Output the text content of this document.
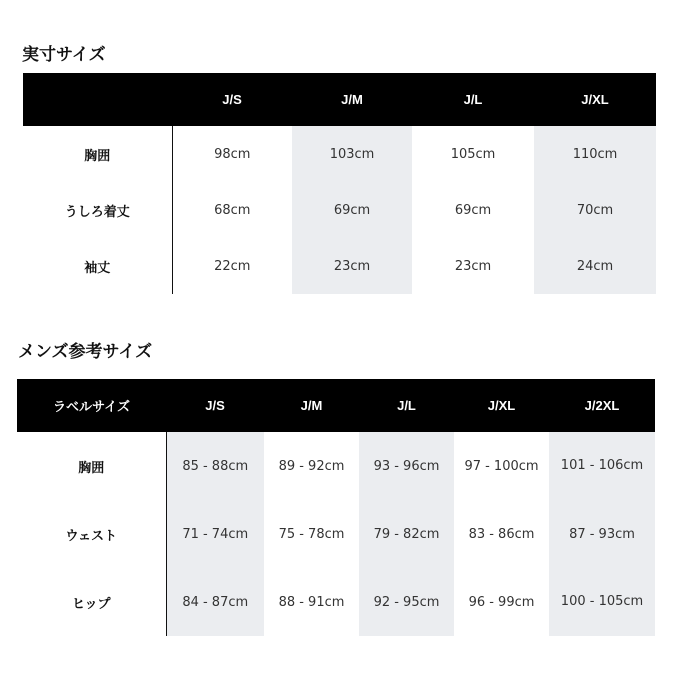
実寸サイズ
	J/S	J/M	J/L	J/XL
胸囲	98cm	103cm	105cm	110cm
うしろ着丈	68cm	69cm	69cm	70cm
袖丈	22cm	23cm	23cm	24cm
メンズ参考サイズ
ラベルサイズ	J/S	J/M	J/L	J/XL	J/2XL
胸囲	85 - 88cm	89 - 92cm	93 - 96cm	97 - 100cm	101 - 106cm
ウェスト	71 - 74cm	75 - 78cm	79 - 82cm	83 - 86cm	87 - 93cm
ヒップ	84 - 87cm	88 - 91cm	92 - 95cm	96 - 99cm	100 - 105cm
